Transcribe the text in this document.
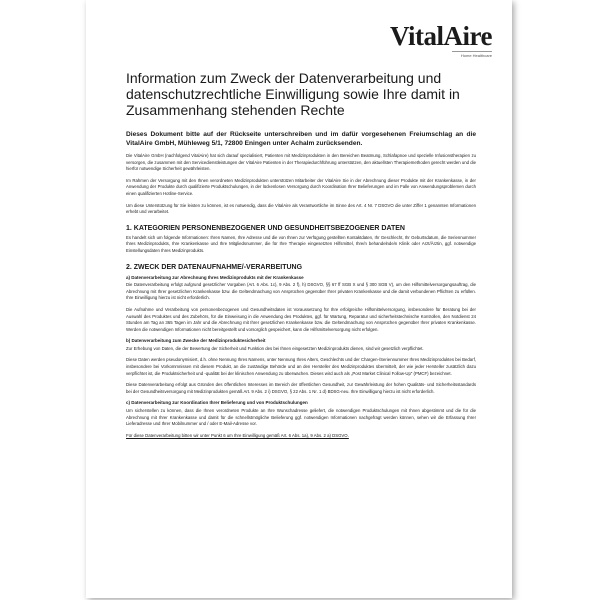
VitalAire
Home Healthcare
Information zum Zweck der Datenverarbeitung und datenschutzrechtliche Einwilligung sowie Ihre damit in Zusammenhang stehenden Rechte

Dieses Dokument bitte auf der Rückseite unterschreiben und im dafür vorgesehenen Freiumschlag an die VitalAire GmbH, Mühleweg 5/1, 72800 Eningen unter Achalm zurücksenden.

Die VitalAire GmbH (nachfolgend VitalAire) hat sich darauf spezialisiert, Patienten mit Medizinprodukten in den Bereichen Beatmung, Schlafapnoe und spezielle Infusionstherapien zu versorgen, die zusammen mit den Servicedienstleistungen der VitalAire Patienten in der Therapiedurchführung unterstützen, den aktuellsten Therapiemethoden gerecht werden und die hierfür notwendige Sicherheit gewährleisten.

Im Rahmen der Versorgung mit den Ihnen verordneten Medizinprodukten unterstützen Mitarbeiter der VitalAire Sie in der Abrechnung dieser Produkte mit der Krankenkasse, in der Anwendung der Produkte durch qualifizierte Produktschulungen, in der lückenlosen Versorgung durch Koordination Ihrer Belieferungen und im Falle von Anwendungsproblemen durch einen qualifizierten Hotline-Service.

Um diese Unterstützung für Sie leisten zu können, ist es notwendig, dass die VitalAire als Verantwortliche im Sinne des Art. 4 Nr. 7 DSGVO die unter Ziffer 1 genannten Informationen erhebt und verarbeitet.

1. KATEGORIEN PERSONENBEZOGENER UND GESUNDHEITSBEZOGENER DATEN

Es handelt sich um folgende Informationen: Ihren Namen, Ihre Adresse und die von Ihnen zur Verfügung gestellten Kontaktdaten, Ihr Geschlecht, Ihr Geburtsdatum, die Seriennummer Ihres Medizinprodukts, Ihre Krankenkasse und Ihre Mitgliedsnummer, die für Ihre Therapie eingesetzten Hilfsmittel, Ihre/n behandelnde/n Klinik oder Arzt/Ärztin, ggf. notwendige Einstellungsdaten Ihres Medizinprodukts.

2. ZWECK DER DATENAUFNAHME/-VERARBEITUNG
a) Datenverarbeitung zur Abrechnung Ihres Medizinprodukts mit der Krankenkasse

Die Datenverarbeitung erfolgt aufgrund gesetzlicher Vorgaben (Art. 6 Abs. 1c), 9 Abs. 2 f), h) DSGVO, §§ 67 ff SGB X und § 300 SGB V), um den Hilfsmittelversorgungsauftrag, die Abrechnung mit Ihrer gesetzlichen Krankenkasse bzw. die Geltendmachung von Ansprüchen gegenüber Ihrer privaten Krankenkasse und die damit verbundenen Pflichten zu erfüllen. Ihre Einwilligung hierzu ist nicht erforderlich.

Die Aufnahme und Verarbeitung von personenbezogenen und Gesundheitsdaten ist Voraussetzung für Ihre erfolgreiche Hilfsmittelversorgung, insbesondere für Beratung bei der Auswahl des Produktes und des Zubehörs, für die Einweisung in die Anwendung des Produktes, ggf. für Wartung, Reparatur und sicherheitstechnische Kontrollen, den Notdienst 24 Stunden am Tag an 365 Tagen im Jahr und die Abrechnung mit Ihrer gesetzlichen Krankenkasse bzw. die Geltendmachung von Ansprüchen gegenüber Ihrer privaten Krankenkasse. Werden die notwendigen Informationen nicht bereitgestellt und vorsorglich gespeichert, kann die Hilfsmittelversorgung nicht erfolgen.

b) Datenverarbeitung zum Zwecke der Medizinproduktesicherheit

Zur Erhebung von Daten, die der Bewertung der Sicherheit und Funktion des bei Ihnen eingesetzten Medizinprodukts dienen, sind wir gesetzlich verpflichtet.

Diese Daten werden pseudonymisiert, d.h. ohne Nennung Ihres Namens, unter Nennung Ihres Alters, Geschlechts und der Chargen-/Seriennummer Ihres Medizinproduktes bei Bedarf, insbesondere bei Vorkommnissen mit diesem Produkt, an die zuständige Behörde und an den Hersteller des Medizinproduktes übermittelt, der wie jeder Hersteller zusätzlich dazu verpflichtet ist, die Produktsicherheit und -qualität bei der klinischen Anwendung zu überwachen. Dieses wird auch als „Post Market Clinical Follow-Up“ (PMCF) bezeichnet.

Diese Datenverarbeitung erfolgt aus Gründen des öffentlichen Interesses im Bereich der öffentlichen Gesundheit, zur Gewährleistung der hohen Qualitäts- und Sicherheitsstandards bei der Gesundheitsversorgung mit Medizinprodukten gemäß Art. 9 Abs. 2 i) DSGVO, § 22 Abs. 1 Nr. 1 d) BDSG-neu. Ihre Einwilligung hierzu ist nicht erforderlich.

c) Datenverarbeitung zur Koordination Ihrer Belieferung und von Produktschulungen

Um sicherstellen zu können, dass die Ihnen verordneten Produkte an Ihre Wunschadresse geliefert, die notwendigen Produktschulungen mit Ihnen abgestimmt und die für die Abrechnung mit Ihrer Krankenkasse und damit für die schnellstmögliche Belieferung ggf. notwendigen Informationen nachgefragt werden können, sehen wir die Erfassung Ihrer Lieferadresse und Ihrer Mobilnummer und / oder E-Mail-Adresse vor.

Für diese Datenverarbeitung bitten wir unter Punkt 6 um Ihre Einwilligung gemäß Art. 6 Abs. 1a), 9 Abs. 2 a) DSGVO.
